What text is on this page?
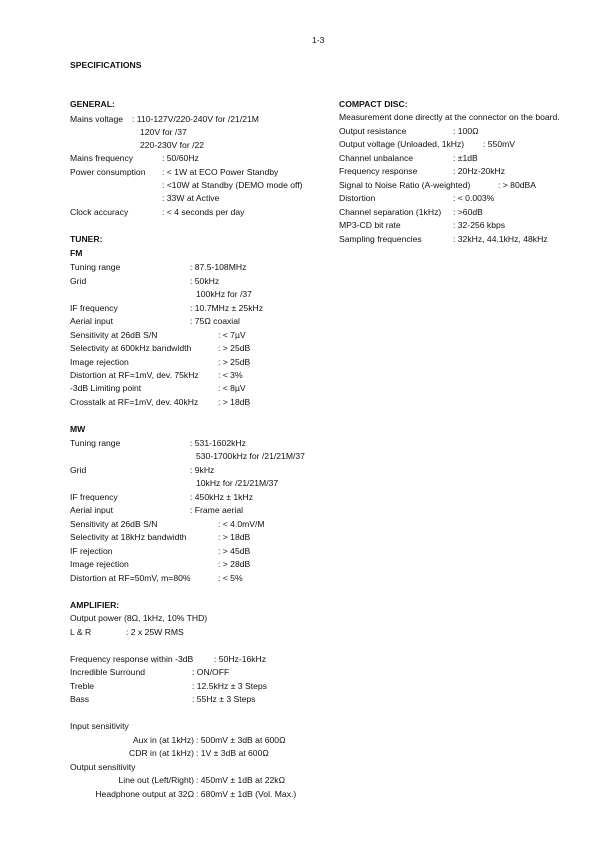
1-3
SPECIFICATIONS
GENERAL:
Mains voltage : 110-127V/220-240V for /21/21M
120V for /37
220-230V for /22
Mains frequency	: 50/60Hz
Power consumption : < 1W at ECO Power Standby
: <10W at Standby (DEMO mode off)
: 33W at Active
Clock accuracy	: < 4 seconds per day
TUNER:
FM
Tuning range	: 87.5-108MHz
Grid	: 50kHz
100kHz for /37
IF frequency	: 10.7MHz ± 25kHz
Aerial input	: 75Ω coaxial
Sensitivity at 26dB S/N	: < 7µV
Selectivity at 600kHz bandwidth	: > 25dB
Image rejection	: > 25dB
Distortion at RF=1mV, dev. 75kHz : < 3%
-3dB Limiting point	: < 8µV
Crosstalk at RF=1mV, dev. 40kHz : > 18dB
MW
Tuning range	: 531-1602kHz
530-1700kHz for /21/21M/37
Grid	: 9kHz
10kHz for /21/21M/37
IF frequency	: 450kHz ± 1kHz
Aerial input	: Frame aerial
Sensitivity at 26dB S/N	: < 4.0mV/M
Selectivity at 18kHz bandwidth	: > 18dB
IF rejection	: > 45dB
Image rejection	: > 28dB
Distortion at RF=50mV, m=80%	: < 5%
AMPLIFIER:
Output power (8Ω, 1kHz, 10% THD)
L & R	: 2 x 25W RMS
Frequency response within -3dB : 50Hz-16kHz
Incredible Surround	: ON/OFF
Treble	: 12.5kHz ± 3 Steps
Bass	: 55Hz ± 3 Steps
Input sensitivity
Aux in (at 1kHz) : 500mV ± 3dB at 600Ω
CDR in (at 1kHz) : 1V ± 3dB at 600Ω
Output sensitivity
Line out (Left/Right) : 450mV ± 1dB at 22kΩ
Headphone output at 32Ω : 680mV ± 1dB (Vol. Max.)
COMPACT DISC:
Measurement done directly at the connector on the board.
Output resistance	: 100Ω
Output voltage (Unloaded, 1kHz) : 550mV
Channel unbalance	: ±1dB
Frequency response	: 20Hz-20kHz
Signal to Noise Ratio (A-weighted)	: > 80dBA
Distortion	: < 0.003%
Channel separation (1kHz) : >60dB
MP3-CD bit rate	: 32-256 kbps
Sampling frequencies	: 32kHz, 44.1kHz, 48kHz
